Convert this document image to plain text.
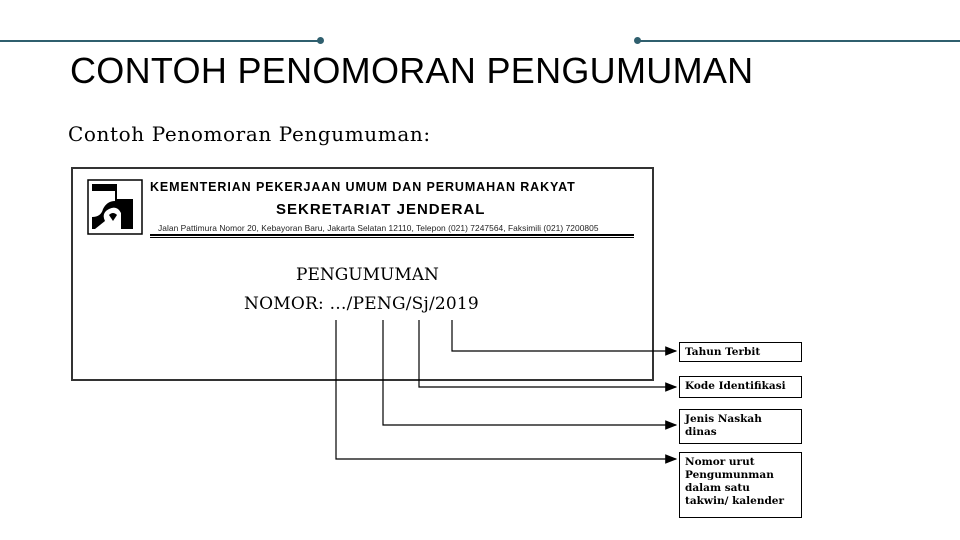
CONTOH PENOMORAN PENGUMUMAN
Contoh Penomoran Pengumuman:
KEMENTERIAN PEKERJAAN UMUM DAN PERUMAHAN RAKYAT
SEKRETARIAT JENDERAL
Jalan Pattimura Nomor 20, Kebayoran Baru, Jakarta Selatan 12110, Telepon (021) 7247564, Faksimili (021) 7200805
PENGUMUMAN
NOMOR: …/PENG/Sj/2019
Tahun Terbit
Kode Identifikasi
Jenis Naskah
dinas
Nomor urut
Pengumunman
dalam satu
takwin/ kalender
